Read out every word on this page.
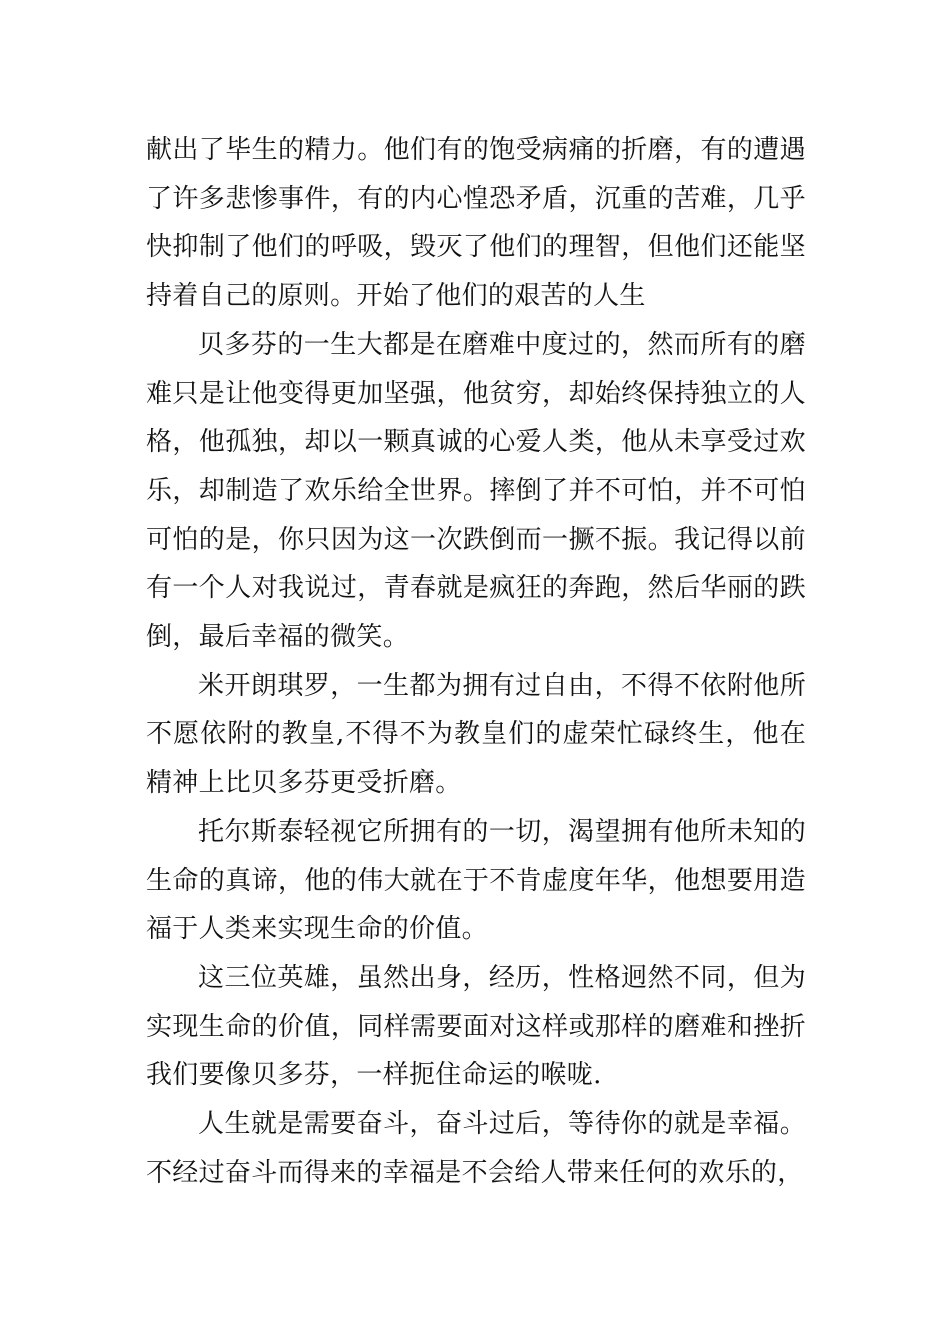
献出了毕生的精力。他们有的饱受病痛的折磨，有的遭遇了许多悲惨事件，有的内心惶恐矛盾，沉重的苦难，几乎快抑制了他们的呼吸，毁灭了他们的理智，但他们还能坚持着自己的原则。开始了他们的艰苦的人生

贝多芬的一生大都是在磨难中度过的，然而所有的磨难只是让他变得更加坚强，他贫穷，却始终保持独立的人格，他孤独，却以一颗真诚的心爱人类，他从未享受过欢乐，却制造了欢乐给全世界。摔倒了并不可怕，并不可怕可怕的是，你只因为这一次跌倒而一撅不振。我记得以前有一个人对我说过，青春就是疯狂的奔跑，然后华丽的跌倒，最后幸福的微笑。

米开朗琪罗，一生都为拥有过自由，不得不依附他所不愿依附的教皇,不得不为教皇们的虚荣忙碌终生，他在精神上比贝多芬更受折磨。

托尔斯泰轻视它所拥有的一切，渴望拥有他所未知的生命的真谛，他的伟大就在于不肯虚度年华，他想要用造福于人类来实现生命的价值。

这三位英雄，虽然出身，经历，性格迥然不同，但为实现生命的价值，同样需要面对这样或那样的磨难和挫折我们要像贝多芬，一样扼住命运的喉咙.

人生就是需要奋斗，奋斗过后，等待你的就是幸福。不经过奋斗而得来的幸福是不会给人带来任何的欢乐的，
